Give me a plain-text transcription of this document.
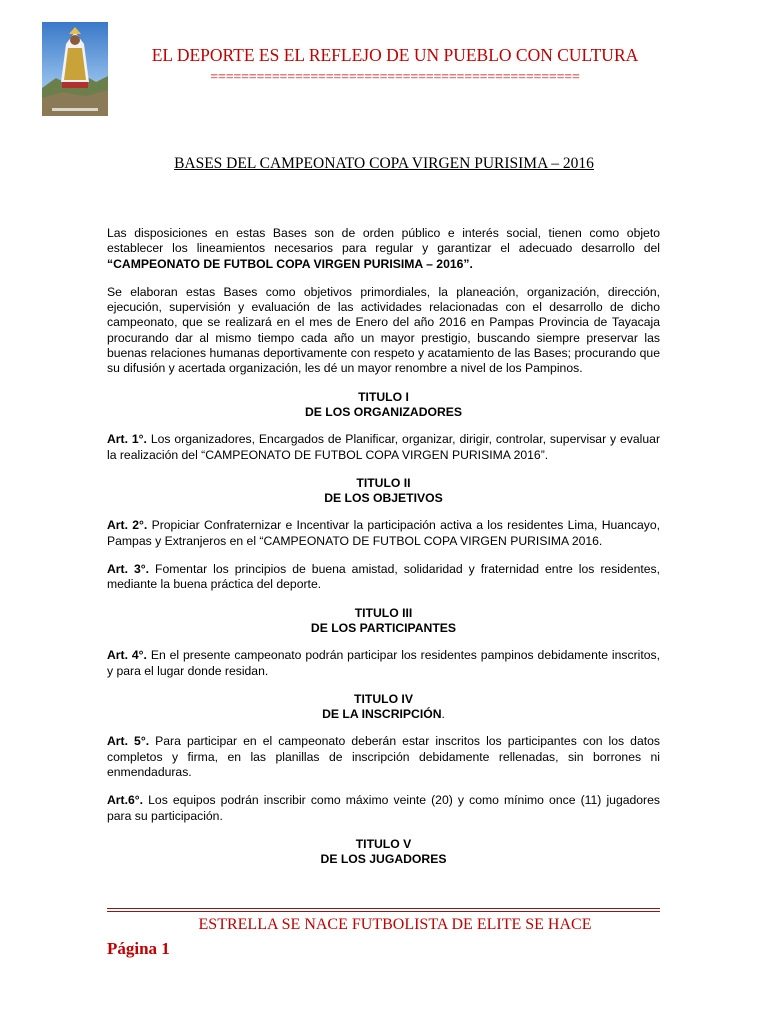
EL DEPORTE ES EL REFLEJO DE UN PUEBLO CON CULTURA
================================================
BASES DEL CAMPEONATO COPA VIRGEN PURISIMA – 2016

Las disposiciones en estas Bases son de orden público e interés social, tienen como objeto establecer los lineamientos necesarios para regular y garantizar el adecuado desarrollo del “CAMPEONATO DE FUTBOL COPA VIRGEN PURISIMA – 2016”.

Se elaboran estas Bases como objetivos primordiales, la planeación, organización, dirección, ejecución, supervisión y evaluación de las actividades relacionadas con el desarrollo de dicho campeonato, que se realizará en el mes de Enero del año 2016 en Pampas Provincia de Tayacaja procurando dar al mismo tiempo cada año un mayor prestigio, buscando siempre preservar las buenas relaciones humanas deportivamente con respeto y acatamiento de las Bases; procurando que su difusión y acertada organización, les dé un mayor renombre a nivel de los Pampinos.

TITULO I

DE LOS ORGANIZADORES

Art. 1°. Los organizadores, Encargados de Planificar, organizar, dirigir, controlar, supervisar y evaluar la realización del “CAMPEONATO DE FUTBOL COPA VIRGEN PURISIMA 2016”.

TITULO II

DE LOS OBJETIVOS

Art. 2°. Propiciar Confraternizar e Incentivar la participación activa a los residentes Lima, Huancayo, Pampas y Extranjeros en el “CAMPEONATO DE FUTBOL COPA VIRGEN PURISIMA 2016.

Art. 3°. Fomentar los principios de buena amistad, solidaridad y fraternidad entre los residentes, mediante la buena práctica del deporte.

TITULO III

DE LOS PARTICIPANTES

Art. 4°. En el presente campeonato podrán participar los residentes pampinos debidamente inscritos, y para el lugar donde residan.

TITULO IV

DE LA INSCRIPCIÓN.

Art. 5°. Para participar en el campeonato deberán estar inscritos los participantes con los datos completos y firma, en las planillas de inscripción debidamente rellenadas, sin borrones ni enmendaduras.

Art.6°. Los equipos podrán inscribir como máximo veinte (20) y como mínimo once (11) jugadores para su participación.

TITULO V

DE LOS JUGADORES

ESTRELLA SE NACE FUTBOLISTA DE ELITE SE HACE
Página 1
